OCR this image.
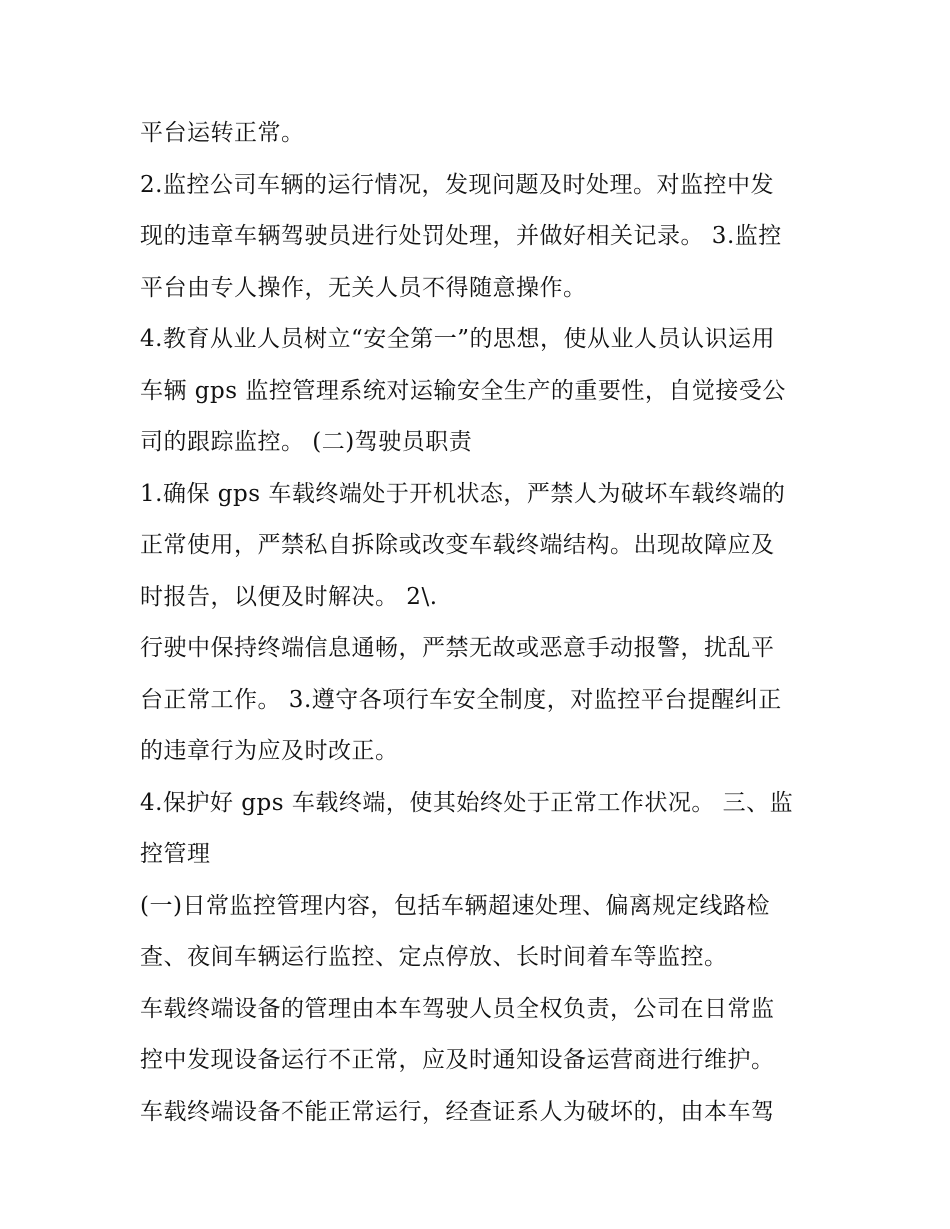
平台运转正常。
2.监控公司车辆的运行情况，发现问题及时处理。对监控中发
现的违章车辆驾驶员进行处罚处理，并做好相关记录。 3.监控
平台由专人操作，无关人员不得随意操作。
4.教育从业人员树立“安全第一”的思想，使从业人员认识运用
车辆 gps 监控管理系统对运输安全生产的重要性，自觉接受公
司的跟踪监控。 (二)驾驶员职责
1.确保 gps 车载终端处于开机状态，严禁人为破坏车载终端的
正常使用，严禁私自拆除或改变车载终端结构。出现故障应及
时报告，以便及时解决。 2\.
行驶中保持终端信息通畅，严禁无故或恶意手动报警，扰乱平
台正常工作。 3.遵守各项行车安全制度，对监控平台提醒纠正
的违章行为应及时改正。
4.保护好 gps 车载终端，使其始终处于正常工作状况。 三、监
控管理
(一)日常监控管理内容，包括车辆超速处理、偏离规定线路检
查、夜间车辆运行监控、定点停放、长时间着车等监控。
车载终端设备的管理由本车驾驶人员全权负责，公司在日常监
控中发现设备运行不正常，应及时通知设备运营商进行维护。
车载终端设备不能正常运行，经查证系人为破坏的，由本车驾
